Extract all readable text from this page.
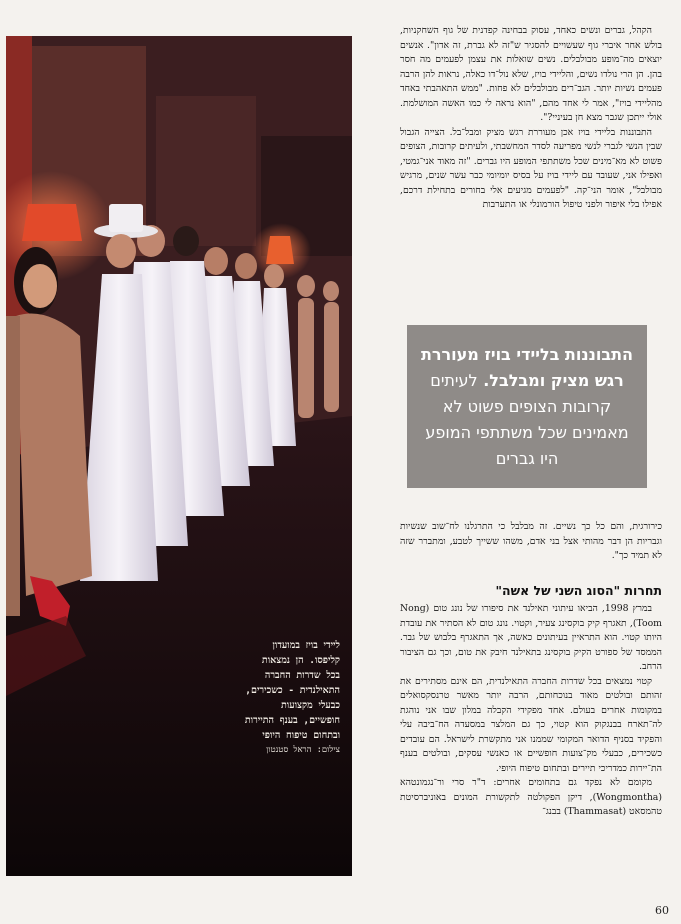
ליידי בויז במועדון
קליפסו. הן נמצאות
בכל שדרות החברה
התאילנדית - כשכירים,
כבעלי מקצועות
חופשיים, בענף התיירות
ובתחום טיפוח היופי
צילום: הראל סטנטון

הקהל, גברים ונשים כאחד, עסוק בבחינה קפדנית של גוף השחקניות, בולש אחר איברי גוף שעשויים להסגיר ש"זה לא גברת, זה אדון". אנשים יוצאים מה־מופע מבולבלים. נשים שואלות את עצמן לפעמים מה חסר בהן. הן הרי נולדו נשים, והליידי בויז, שלא נול־דו כאלה, נראות להן הרבה פעמים נשיות יותר. הגב־רים מבולבלים לא פחות. "ממש התאהבתי באחד מהליידי בויז", אמר לי אחד מהם, "הוא נראה לי כמו האשה המושלמת. אולי ייתכן שגבר מצא חן בעיניי?".

התבוננות בליידי בויז אכן מעוררת רגש מציק ומבל־בל. הצייה הגבול שבין הנשי לגברי לנשי מפריעה לסדר המחשבתי, ולעיתים קרובות, הצופים פשוט לא מא־מינים שכל משתתפי המופע היו גברים. "זה מאוד אני־גמטי, ואפילו אני, שעובד עם ליידי בויז על בסיס יומיומי כבר עשר שנים, מרגיש מבולבל", אומר הני־קה. "לפעמים מגיעים אלי בחורים בתחילת דרכם, אפילו בלי איפור ולפני טיפול הורמונלי או התערבות

התבוננות בליידי בויז מעוררת רגש מציק ומבלבל. לעיתים קרובות הצופים פשוט לא מאמינים שכל משתתפי המופע היו גברים

כירורגית, והם כל כך נשיים. זה מבלבל כי התרגלנו לח־שוב שנשיות וגבריות הן דבר מהותי אצל בני אדם, משהו ששייך לטבע, ומתברר שזה לא תמיד כך".

תחרות "הסוג השני של אשה"

במרץ 1998, הביאו עיתוני תאילנד את סיפורו של נונג טום (Nong Toom), תאגרף קיק בוקסינג צעיר, וקטוי. נונג טום לא הסתיר את עובדת היותו קטוי. הוא התראיין בעיתונים כאשה, אך התאגרף בלבוש של גבר. הממסד של ספורט הקיק בוקסינג בתאילנד חיבק את טום, וכך גם הציבור הרחב.

קטוי נמצאים בכל שדרות החברה התאילנדית, הם אינם מסתירים את זהותם ובולטים מאוד בנוכחותם, הרבה יותר מאשר טרנסקסואלים במקומות אחרים בעולם. אחד מפקידי הקבלה במלון שבו אני נוהגת לה־תארח בבנגקוק הוא קטוי, כך גם המלצר במסעדה הח־ביבה עלי והפקיד בסניף הדואר המקומי שממנו אני מתקשרת לישראל. הם עובדים כשכירים, כבעלי מק־צועות חופשיים או כאנשי עסקים, ובולטים בענף הת־יירות כמדריכי תיירים ובתחום טיפוח היופי.

מקומם לא נפקד גם בתחומים אחרים: ד"ר סרי ור־נגמונטהא (Wongmontha), דיקן הפקולטה לתקשורת המונים באוניברסיטת טהמסאט (Thammasat) בבנג־

60
